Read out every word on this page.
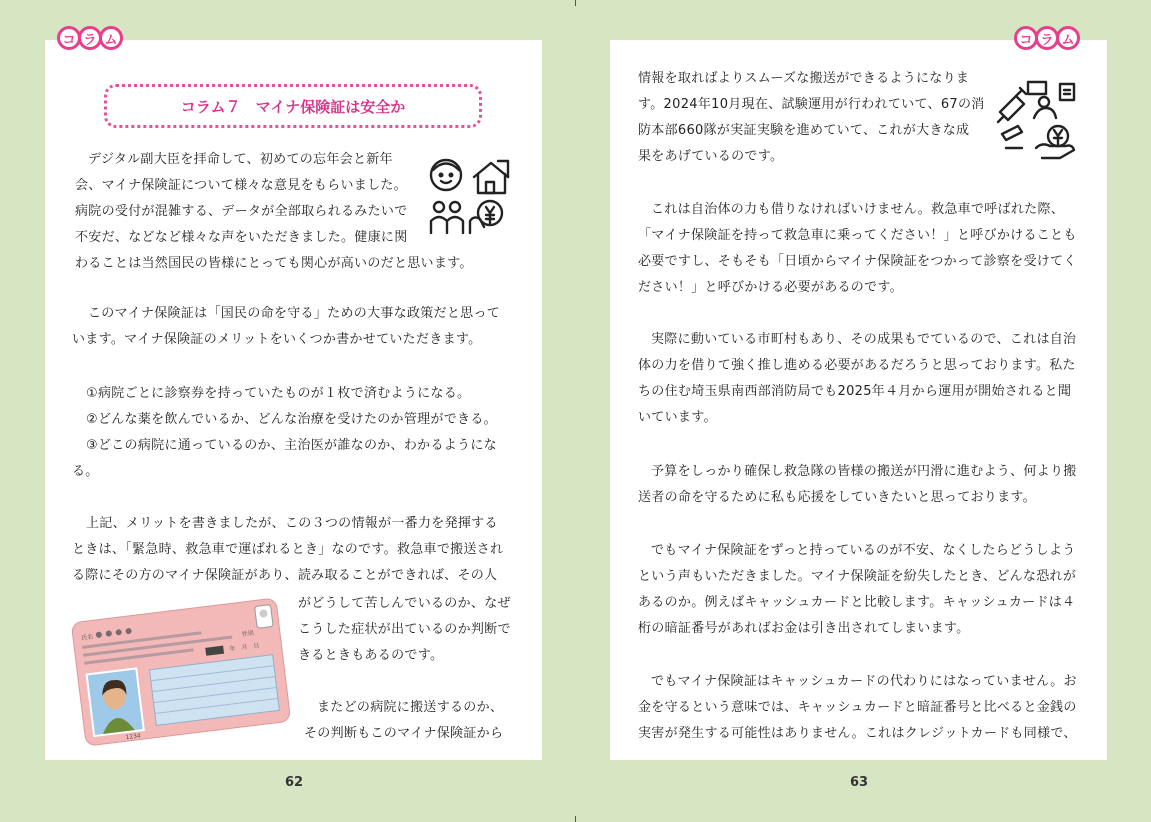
コ ラ ム
コラム７　マイナ保険証は安全か

デジタル副大臣を拝命して、初めての忘年会と新年

会、マイナ保険証について様々な意見をもらいました。

病院の受付が混雑する、データが全部取られるみたいで

不安だ、などなど様々な声をいただきました。健康に関

わることは当然国民の皆様にとっても関心が高いのだと思います。

このマイナ保険証は「国民の命を守る」ための大事な政策だと思って

います。マイナ保険証のメリットをいくつか書かせていただきます。

①病院ごとに診察券を持っていたものが１枚で済むようになる。

②どんな薬を飲んでいるか、どんな治療を受けたのか管理ができる。

③どこの病院に通っているのか、主治医が誰なのか、わかるようにな

る。

上記、メリットを書きましたが、この３つの情報が一番力を発揮する

ときは、「緊急時、救急車で運ばれるとき」なのです。救急車で搬送され

る際にその方のマイナ保険証があり、読み取ることができれば、その人

がどうして苦しんでいるのか、なぜ

こうした症状が出ているのか判断で

きるときもあるのです。

またどの病院に搬送するのか、

その判断もこのマイナ保険証から

氏名	性別
年　月　日
1234
62
コ ラ ム

情報を取ればよりスムーズな搬送ができるようになりま

す。2024年10月現在、試験運用が行われていて、67の消

防本部660隊が実証実験を進めていて、これが大きな成

果をあげているのです。

これは自治体の力も借りなければいけません。救急車で呼ばれた際、

「マイナ保険証を持って救急車に乗ってください！」と呼びかけることも

必要ですし、そもそも「日頃からマイナ保険証をつかって診察を受けてく

ださい！」と呼びかける必要があるのです。

実際に動いている市町村もあり、その成果もでているので、これは自治

体の力を借りて強く推し進める必要があるだろうと思っております。私た

ちの住む埼玉県南西部消防局でも2025年４月から運用が開始されると聞

いています。

予算をしっかり確保し救急隊の皆様の搬送が円滑に進むよう、何より搬

送者の命を守るために私も応援をしていきたいと思っております。

でもマイナ保険証をずっと持っているのが不安、なくしたらどうしよう

という声もいただきました。マイナ保険証を紛失したとき、どんな恐れが

あるのか。例えばキャッシュカードと比較します。キャッシュカードは４

桁の暗証番号があればお金は引き出されてしまいます。

でもマイナ保険証はキャッシュカードの代わりにはなっていません。お

金を守るという意味では、キャッシュカードと暗証番号と比べると金銭の

実害が発生する可能性はありません。これはクレジットカードも同様で、

63
